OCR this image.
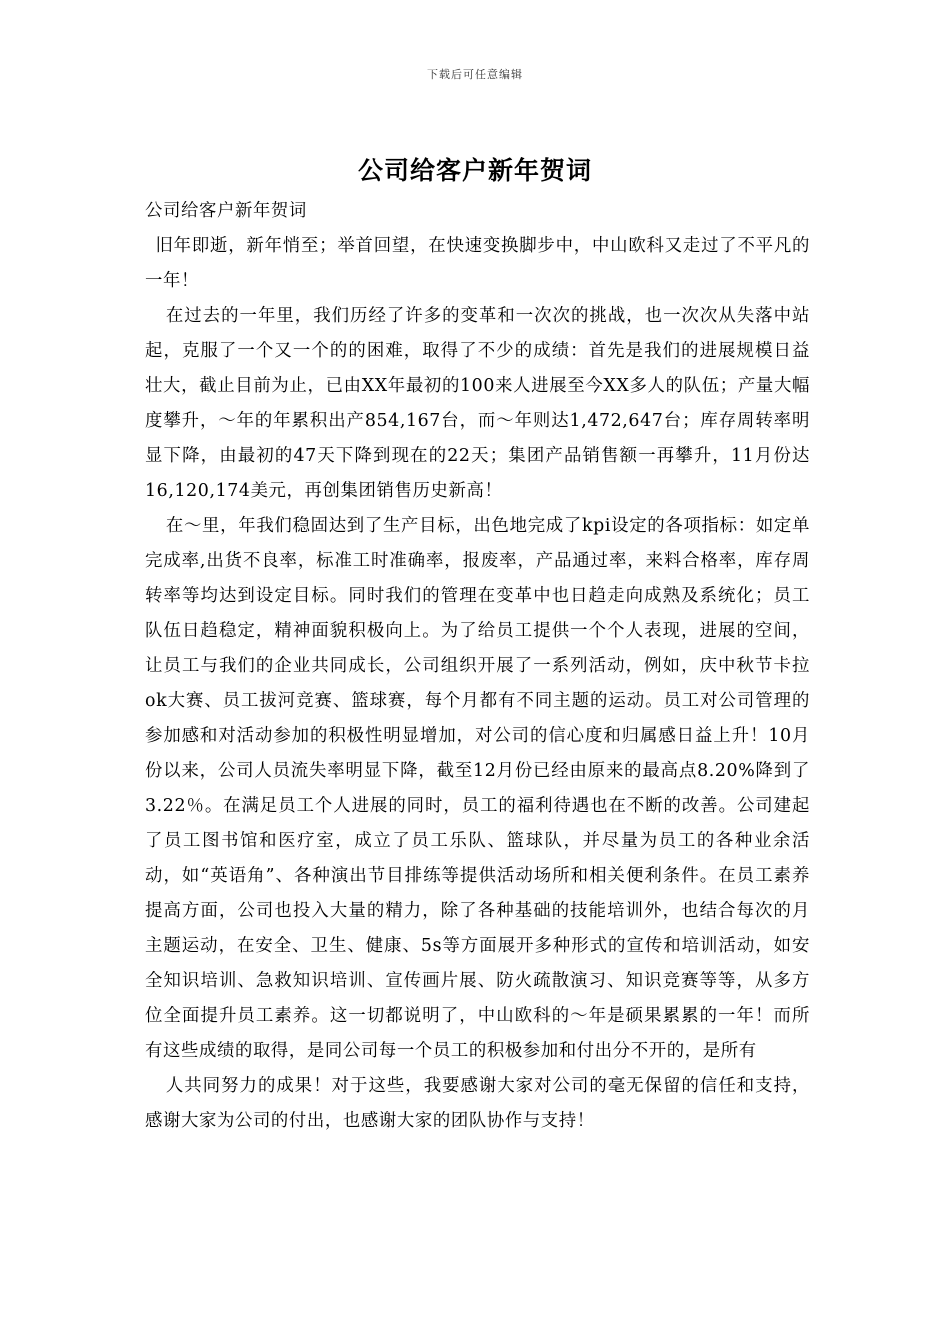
下载后可任意编辑
公司给客户新年贺词

公司给客户新年贺词

旧年即逝，新年悄至；举首回望，在快速变换脚步中，中山欧科又走过了不平凡的一年！

在过去的一年里，我们历经了许多的变革和一次次的挑战，也一次次从失落中站起，克服了一个又一个的的困难，取得了不少的成绩：首先是我们的进展规模日益壮大，截止目前为止，已由XX年最初的100来人进展至今XX多人的队伍；产量大幅度攀升，～年的年累积出产854,167台，而～年则达1,472,647台；库存周转率明显下降，由最初的47天下降到现在的22天；集团产品销售额一再攀升，11月份达16,120,174美元，再创集团销售历史新高！

在～里，年我们稳固达到了生产目标，出色地完成了kpi设定的各项指标：如定单完成率,出货不良率，标准工时准确率，报废率，产品通过率，来料合格率，库存周转率等均达到设定目标。同时我们的管理在变革中也日趋走向成熟及系统化；员工队伍日趋稳定，精神面貌积极向上。为了给员工提供一个个人表现，进展的空间，让员工与我们的企业共同成长，公司组织开展了一系列活动，例如，庆中秋节卡拉ok大赛、员工拔河竞赛、篮球赛，每个月都有不同主题的运动。员工对公司管理的参加感和对活动参加的积极性明显增加，对公司的信心度和归属感日益上升！10月份以来，公司人员流失率明显下降，截至12月份已经由原来的最高点8.20%降到了3.22％。在满足员工个人进展的同时，员工的福利待遇也在不断的改善。公司建起了员工图书馆和医疗室，成立了员工乐队、篮球队，并尽量为员工的各种业余活动，如“英语角”、各种演出节目排练等提供活动场所和相关便利条件。在员工素养提高方面，公司也投入大量的精力，除了各种基础的技能培训外，也结合每次的月主题运动，在安全、卫生、健康、5s等方面展开多种形式的宣传和培训活动，如安全知识培训、急救知识培训、宣传画片展、防火疏散演习、知识竞赛等等，从多方位全面提升员工素养。这一切都说明了，中山欧科的～年是硕果累累的一年！而所有这些成绩的取得，是同公司每一个员工的积极参加和付出分不开的，是所有

人共同努力的成果！对于这些，我要感谢大家对公司的毫无保留的信任和支持，感谢大家为公司的付出，也感谢大家的团队协作与支持！
